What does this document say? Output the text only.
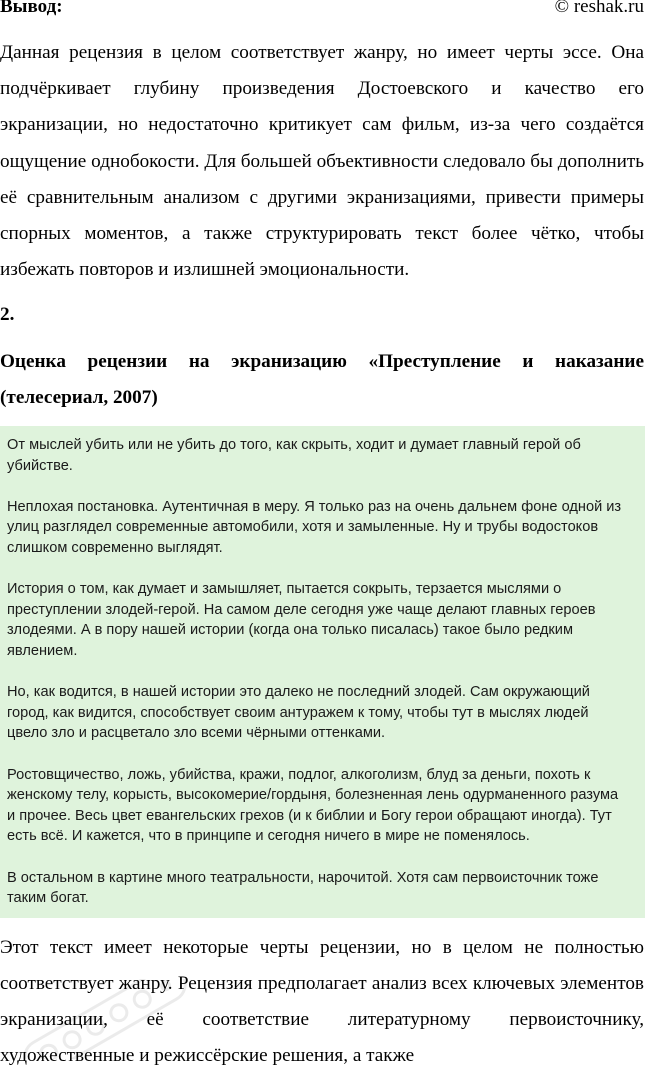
Вывод:	© reshak.ru
Данная рецензия в целом соответствует жанру, но имеет черты эссе. Она подчёркивает глубину произведения Достоевского и качество его экранизации, но недостаточно критикует сам фильм, из-за чего создаётся ощущение однобокости. Для большей объективности следовало бы дополнить её сравнительным анализом с другими экранизациями, привести примеры спорных моментов, а также структурировать текст более чётко, чтобы избежать повторов и излишней эмоциональности.
2.
Оценка рецензии на экранизацию «Преступление и наказание (телесериал, 2007)

От мыслей убить или не убить до того, как скрыть, ходит и думает главный герой об убийстве.

Неплохая постановка. Аутентичная в меру. Я только раз на очень дальнем фоне одной из улиц разглядел современные автомобили, хотя и замыленные. Ну и трубы водостоков слишком современно выглядят.

История о том, как думает и замышляет, пытается сокрыть, терзается мыслями о преступлении злодей-герой. На самом деле сегодня уже чаще делают главных героев злодеями. А в пору нашей истории (когда она только писалась) такое было редким явлением.

Но, как водится, в нашей истории это далеко не последний злодей. Сам окружающий город, как видится, способствует своим антуражем к тому, чтобы тут в мыслях людей цвело зло и расцветало зло всеми чёрными оттенками.

Ростовщичество, ложь, убийства, кражи, подлог, алкоголизм, блуд за деньги, похоть к женскому телу, корысть, высокомерие/гордыня, болезненная лень одурманенного разума и прочее. Весь цвет евангельских грехов (и к библии и Богу герои обращают иногда). Тут есть всё. И кажется, что в принципе и сегодня ничего в мире не поменялось.

В остальном в картине много театральности, нарочитой. Хотя сам первоисточник тоже таким богат.

Этот текст имеет некоторые черты рецензии, но в целом не полностью соответствует жанру. Рецензия предполагает анализ всех ключевых элементов экранизации, её соответствие литературному первоисточнику, художественные и режиссёрские решения, а также
